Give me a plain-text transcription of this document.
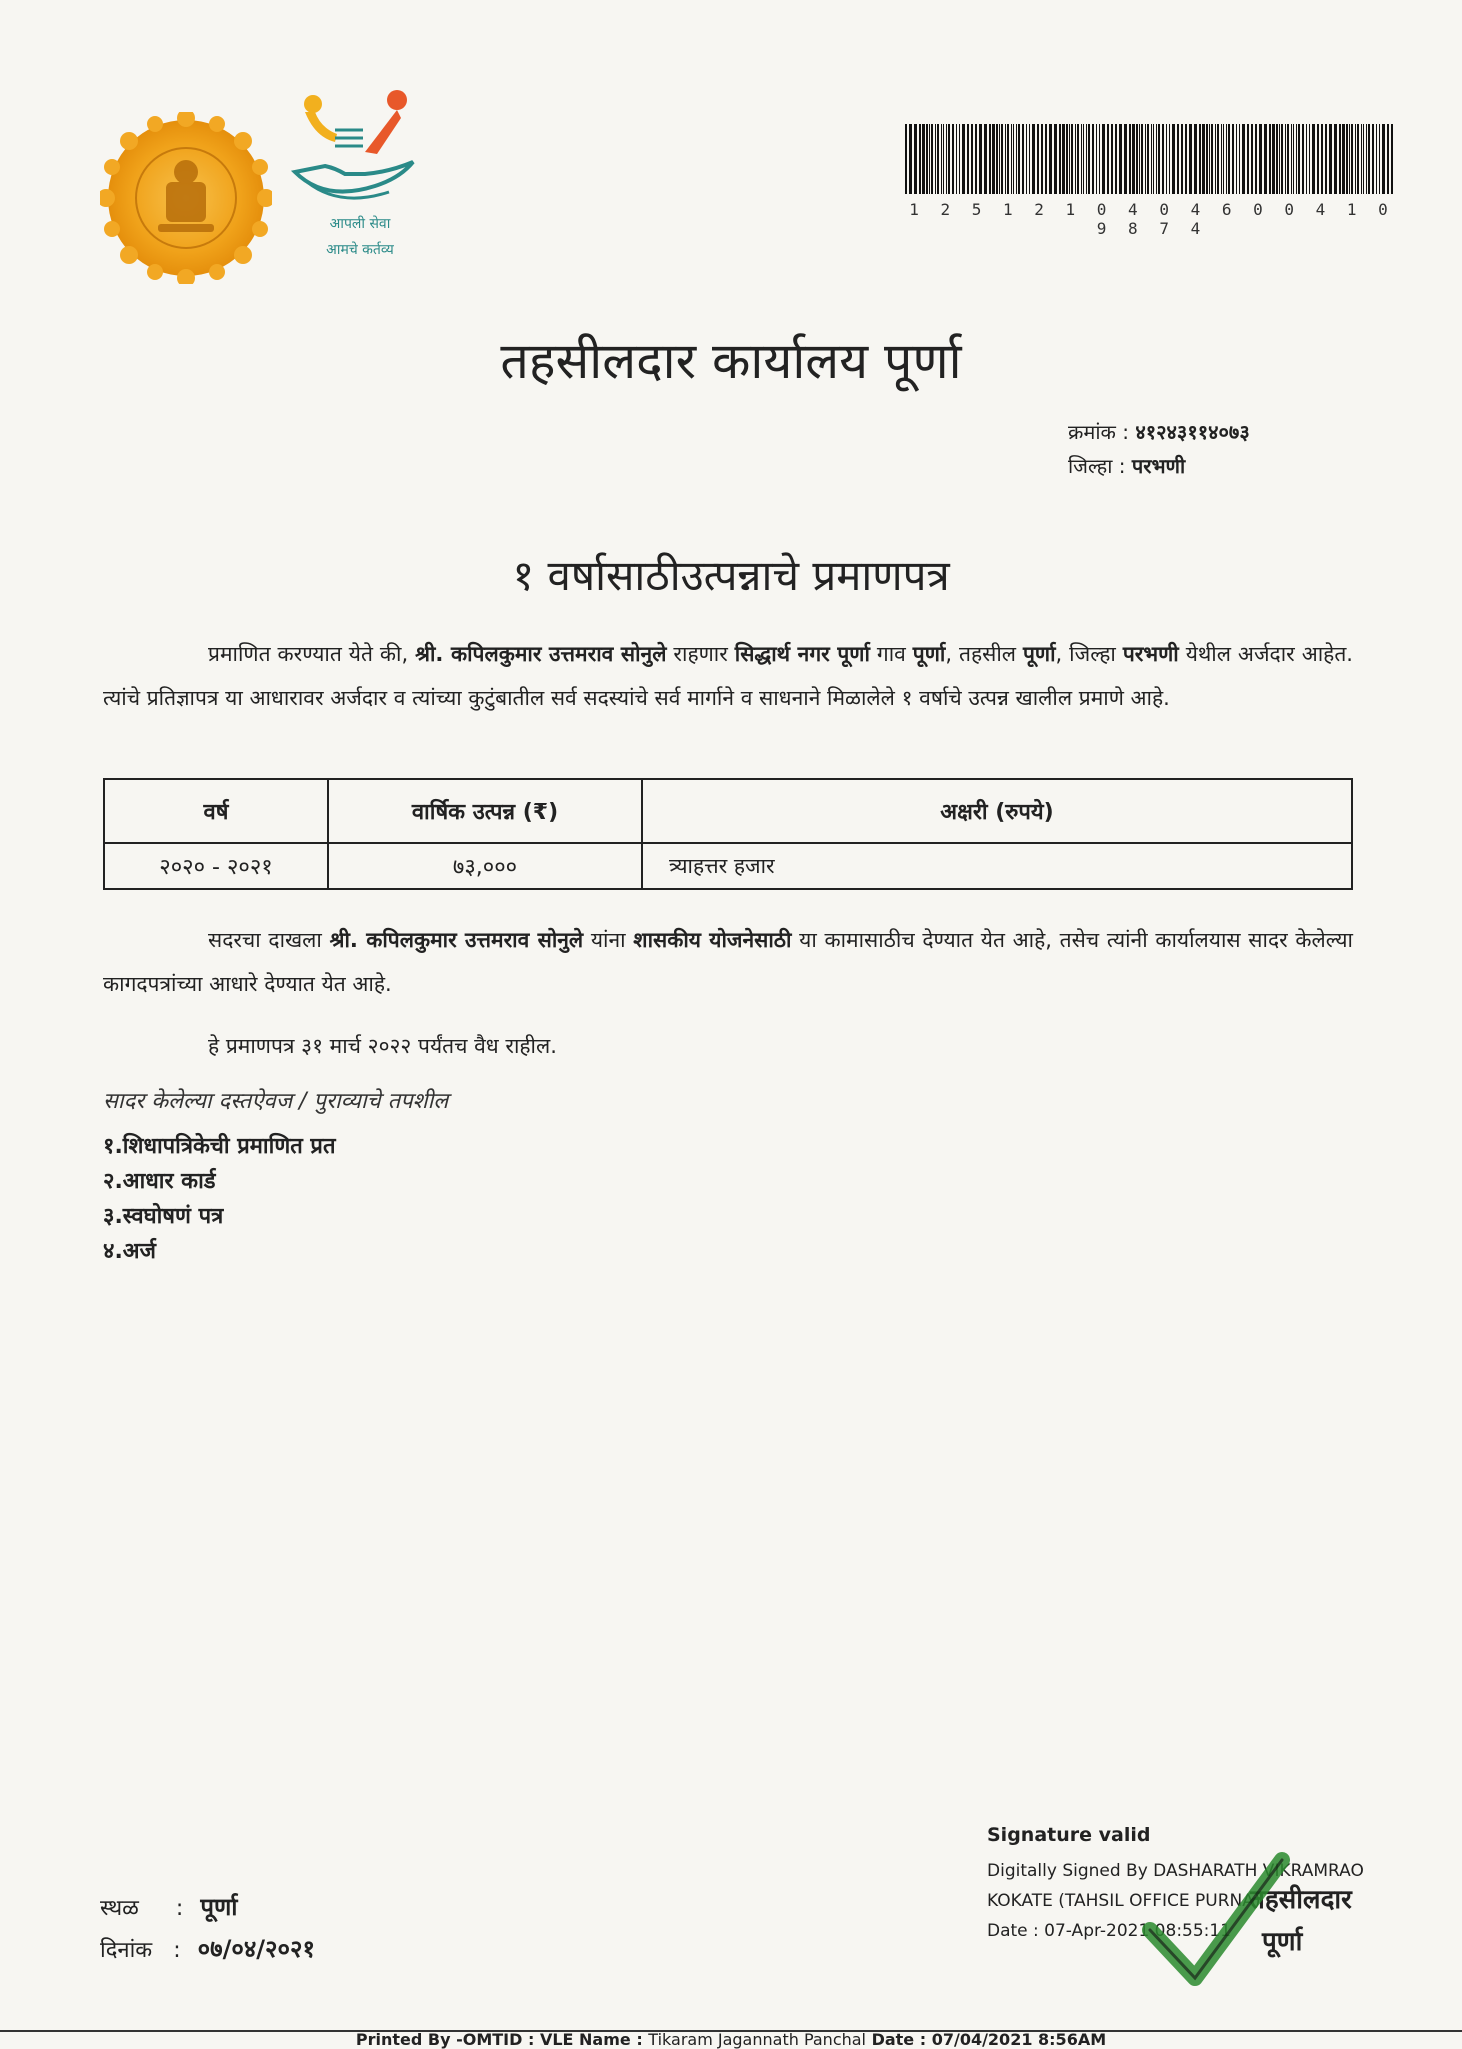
आपली सेवा
आमचे कर्तव्य
1 2 5 1 2 1 0 4 0 4 6 0 0 4 1 0 9 8 7 4
तहसीलदार कार्यालय पूर्णा
क्रमांक : ४१२४३११४०७३
जिल्हा : परभणी
१ वर्षासाठीउत्पन्नाचे प्रमाणपत्र
प्रमाणित करण्यात येते की, श्री. कपिलकुमार उत्तमराव सोनुले राहणार सिद्धार्थ नगर पूर्णा गाव पूर्णा, तहसील पूर्णा, जिल्हा परभणी येथील अर्जदार आहेत. त्यांचे प्रतिज्ञापत्र या आधारावर अर्जदार व त्यांच्या कुटुंबातील सर्व सदस्यांचे सर्व मार्गाने व साधनाने मिळालेले १ वर्षाचे उत्पन्न खालील प्रमाणे आहे.
वर्ष	वार्षिक उत्पन्न (₹)	अक्षरी (रुपये)
२०२० - २०२१	७३,०००	त्र्याहत्तर हजार
सदरचा दाखला श्री. कपिलकुमार उत्तमराव सोनुले यांना शासकीय योजनेसाठी या कामासाठीच देण्यात येत आहे, तसेच त्यांनी कार्यालयास सादर केलेल्या कागदपत्रांच्या आधारे देण्यात येत आहे.
हे प्रमाणपत्र ३१ मार्च २०२२ पर्यंतच वैध राहील.
सादर केलेल्या दस्तऐवज / पुराव्याचे तपशील
१.शिधापत्रिकेची प्रमाणित प्रत
२.आधार कार्ड
३.स्वघोषणं पत्र
४.अर्ज
स्थळ : पूर्णा
दिनांक : ०७/०४/२०२१
Signature valid
Digitally Signed By DASHARATH VIKRAMRAO
KOKATE (TAHSIL OFFICE PURNA)
Date : 07-Apr-2021 08:55:11
तहसीलदार
पूर्णा
Printed By -OMTID : VLE Name : Tikaram Jagannath Panchal Date : 07/04/2021 8:56AM
